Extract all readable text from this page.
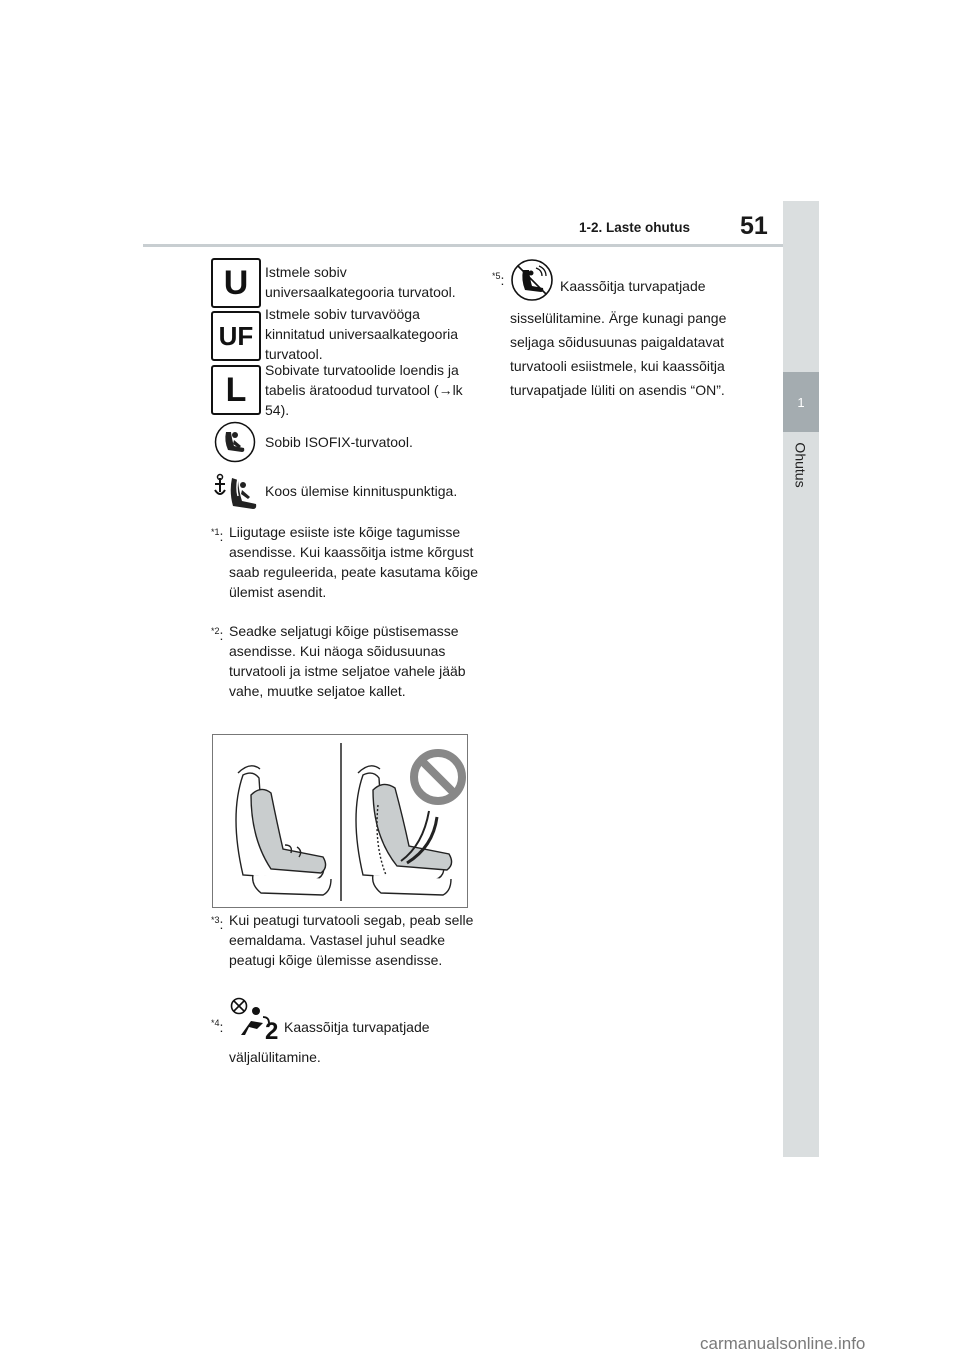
1
Ohutus
51
1-2. Laste ohutus
U	Istmele sobiv universaalkategooria turvatool.
UF
Istmele sobiv turvavööga kinnitatud universaalkategooria turvatool.
L
Sobivate turvatoolide loendis ja tabelis äratoodud turvatool (→lk 54).
Sobib ISOFIX-turvatool.
Koos ülemise kinnituspunktiga.
$^{*1}$: Liigutage esiiste iste kõige tagumisse asendisse. Kui kaassõitja istme kõrgust saab reguleerida, peate kasutama kõige ülemist asendit.
$^{*2}$: Seadke seljatugi kõige püstisemasse asendisse. Kui näoga sõidusuunas turvatooli ja istme seljatoe vahele jääb vahe, muutke seljatoe kallet.
$^{*3}$: Kui peatugi turvatooli segab, peab selle eemaldama. Vastasel juhul seadke peatugi kõige ülemisse asendisse.
$^{*4}$: 2 Kaassõitja turvapatjade
väljalülitamine.
$^{*5}$:	Kaassõitja turvapatjade
sisselülitamine. Ärge kunagi pange seljaga sõidusuunas paigaldatavat turvatooli esiistmele, kui kaassõitja turvapatjade lüliti on asendis “ON”.
carmanualsonline.info
